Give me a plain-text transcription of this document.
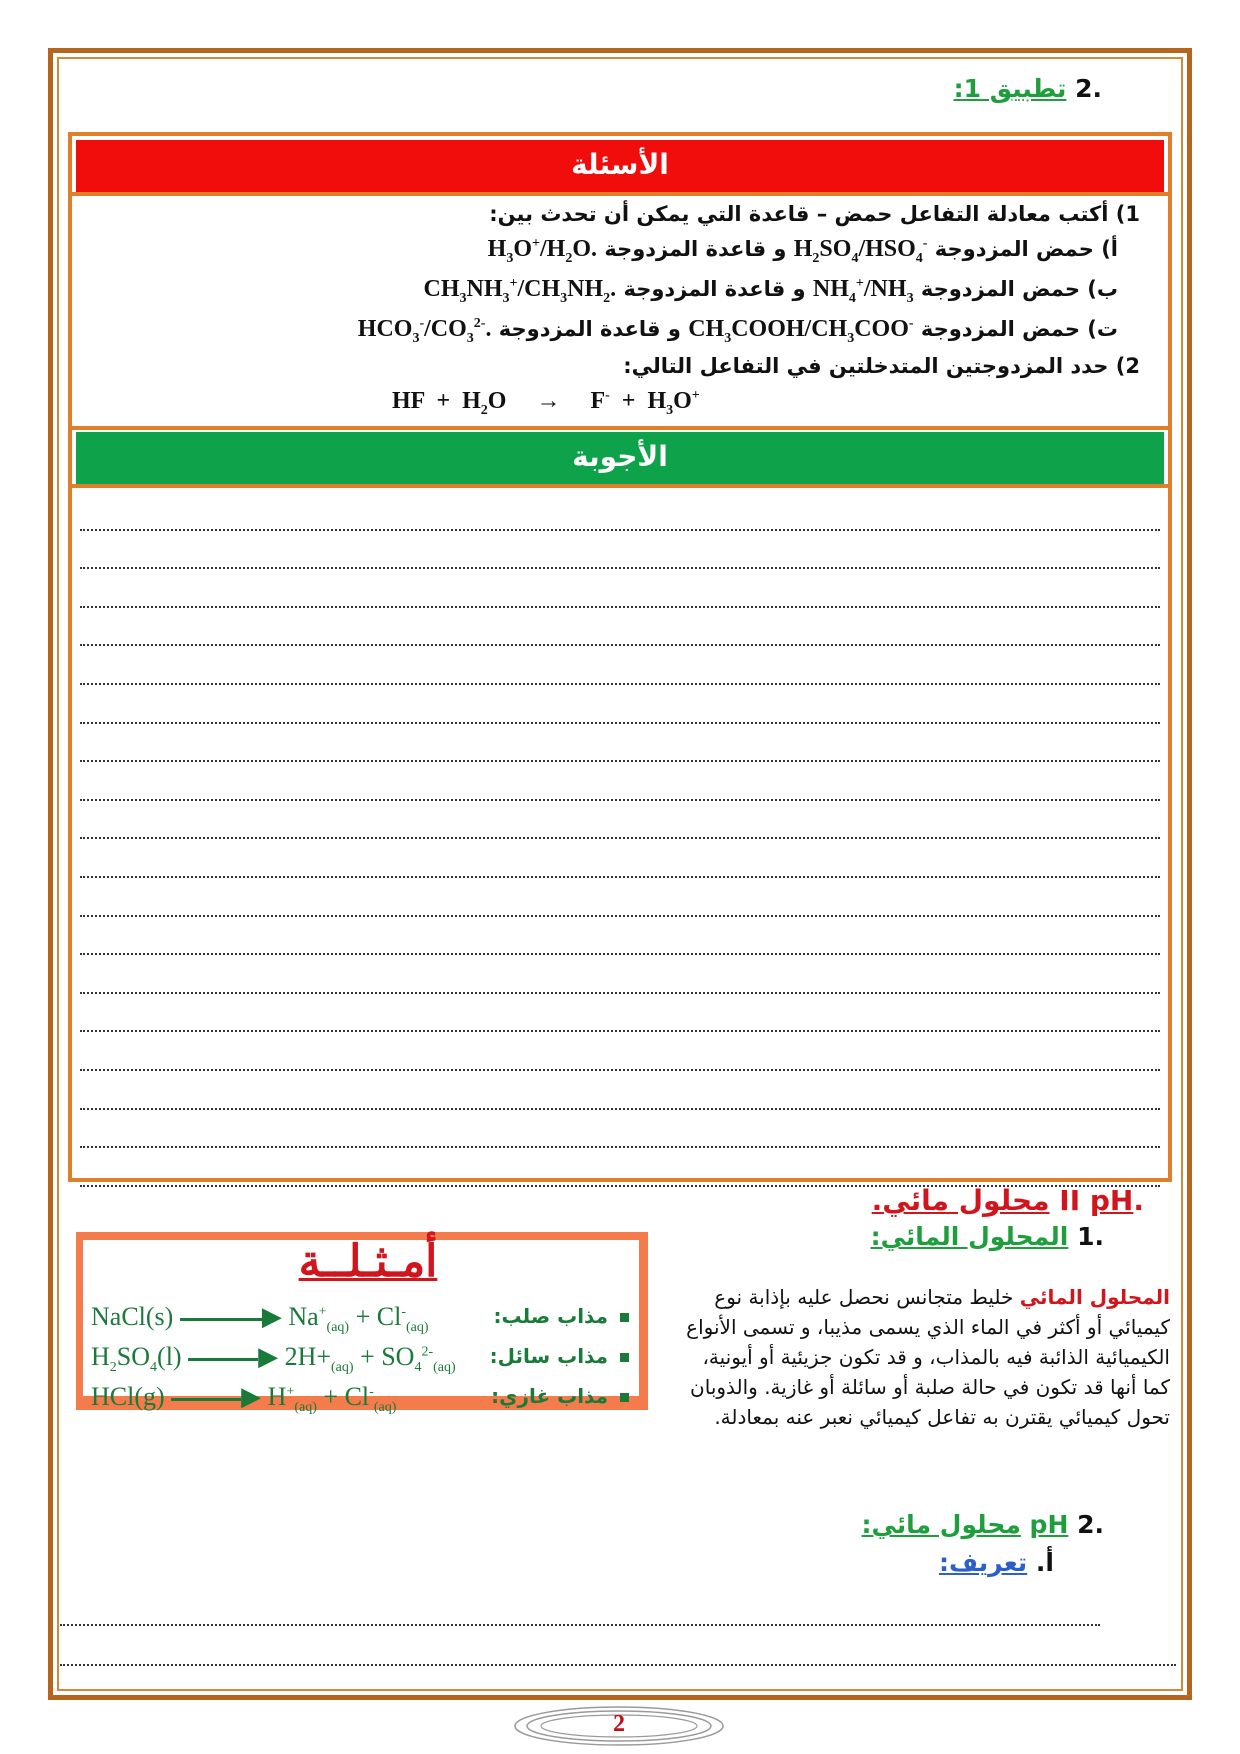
.2 تطبيق 1:
الأسئلة
1) أكتب معادلة التفاعل حمض – قاعدة التي يمكن أن تحدث بين:
أ) حمض المزدوجة $H_2SO_4/HSO_4^-$ و قاعدة المزدوجة $H_3O^+/H_2O$.
ب) حمض المزدوجة $NH_4^+/NH_3$ و قاعدة المزدوجة $CH_3NH_3^+/CH_3NH_2$.
ت) حمض المزدوجة $CH_3COOH/CH_3COO^-$ و قاعدة المزدوجة $HCO_3^-/CO_3^{2-}$.
2) حدد المزدوجتين المتدخلتين في التفاعل التالي:
HF  +  $H_2O$     →     $F^- + H_3O^+$
الأجوبة
.II pH محلول مائي.
.1 المحلول المائي:
أمـثـلــة
NaCl(s)	▶ $Na^+_{(aq)} + Cl^-_{(aq)}$	مذاب صلب:
$H_2SO_4(l)$	▶ $2H+_{(aq)} + SO_4^{2-}_{(aq)}$ مذاب سائل:
HCl(g)	▶ $H^+_{(aq)} + Cl^-_{(aq)}$	مذاب غازي:
المحلول المائي خليط متجانس نحصل عليه بإذابة نوع كيميائي أو أكثر في الماء الذي يسمى مذيبا، و تسمى الأنواع الكيميائية الذائبة فيه بالمذاب، و قد تكون جزيئية أو أيونية، كما أنها قد تكون في حالة صلبة أو سائلة أو غازية. والذوبان تحول كيميائي يقترن به تفاعل كيميائي نعبر عنه بمعادلة.
.2 pH محلول مائي:
أ. تعريف:
2
